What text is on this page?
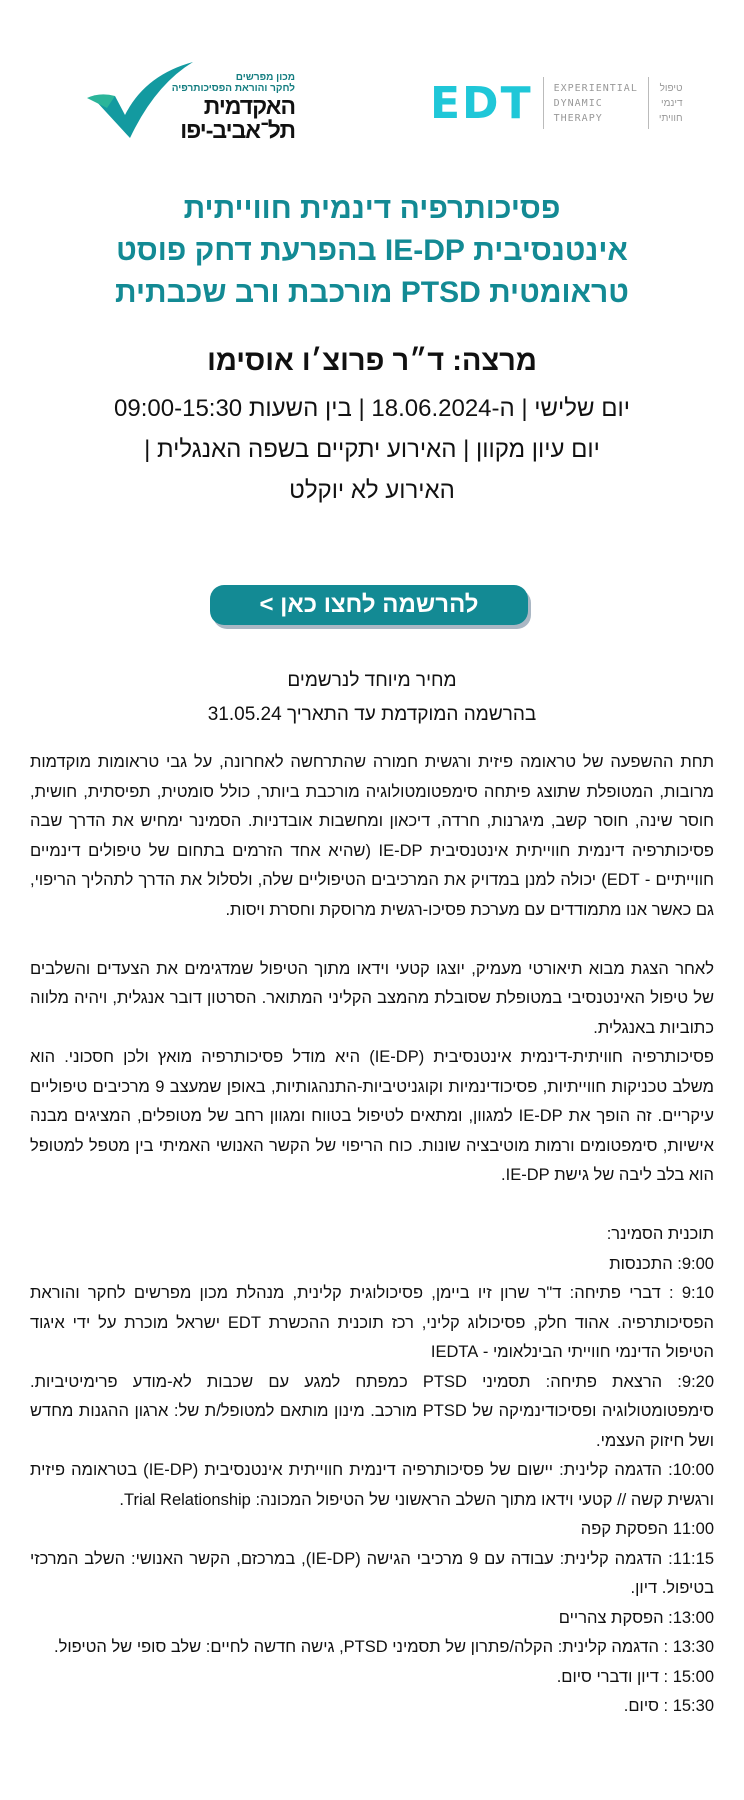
מכון מפרשים
לחקר והוראת הפסיכותרפיה
האקדמית
תל־אביב-יפו
EDT EXPERIENTIAL
DYNAMIC
THERAPY
טיפול
דינמי
חוויתי
פסיכותרפיה דינמית חווייתית
אינטנסיבית IE-DP בהפרעת דחק פוסט
טראומטית PTSD מורכבת ורב שכבתית
מרצה: ד״ר פרוצ׳ו אוסימו
יום שלישי | ה-18.06.2024 | בין השעות 09:00-15:30
יום עיון מקוון | האירוע יתקיים בשפה האנגלית |
האירוע לא יוקלט
להרשמה לחצו כאן >
מחיר מיוחד לנרשמים
בהרשמה המוקדמת עד התאריך 31.05.24

תחת ההשפעה של טראומה פיזית ורגשית חמורה שהתרחשה לאחרונה, על גבי טראומות מוקדמות מרובות, המטופלת שתוצג פיתחה סימפטומטולוגיה מורכבת ביותר, כולל סומטית, תפיסתית, חושית, חוסר שינה, חוסר קשב, מיגרנות, חרדה, דיכאון ומחשבות אובדניות. הסמינר ימחיש את הדרך שבה פסיכותרפיה דינמית חווייתית אינטנסיבית IE-DP (שהיא אחד הזרמים בתחום של טיפולים דינמיים חווייתיים - EDT) יכולה למנן במדויק את המרכיבים הטיפוליים שלה, ולסלול את הדרך לתהליך הריפוי, גם כאשר אנו מתמודדים עם מערכת פסיכו-רגשית מרוסקת וחסרת ויסות.

לאחר הצגת מבוא תיאורטי מעמיק, יוצגו קטעי וידאו מתוך הטיפול שמדגימים את הצעדים והשלבים של טיפול האינטנסיבי במטופלת שסובלת מהמצב הקליני המתואר. הסרטון דובר אנגלית, ויהיה מלווה כתוביות באנגלית.

פסיכותרפיה חוויתית-דינמית אינטנסיבית (IE-DP) היא מודל פסיכותרפיה מואץ ולכן חסכוני. הוא משלב טכניקות חווייתיות, פסיכודינמיות וקוגניטיביות-התנהגותיות, באופן שמעצב 9 מרכיבים טיפוליים עיקריים. זה הופך את IE-DP למגוון, ומתאים לטיפול בטווח ומגוון רחב של מטופלים, המציגים מבנה אישיות, סימפטומים ורמות מוטיבציה שונות. כוח הריפוי של הקשר האנושי האמיתי בין מטפל למטופל הוא בלב ליבה של גישת IE-DP.

תוכנית הסמינר:

9:00: התכנסות

9:10 : דברי פתיחה: ד"ר שרון זיו ביימן, פסיכולוגית קלינית, מנהלת מכון מפרשים לחקר והוראת הפסיכותרפיה. אהוד חלק, פסיכולוג קליני, רכז תוכנית ההכשרת EDT ישראל מוכרת על ידי איגוד הטיפול הדינמי חווייתי הבינלאומי - IEDTA

9:20: הרצאת פתיחה: תסמיני PTSD כמפתח למגע עם שכבות לא-מודע פרימיטיביות. סימפטומטולוגיה ופסיכודינמיקה של PTSD מורכב. מינון מותאם למטופל/ת של: ארגון ההגנות מחדש ושל חיזוק העצמי.

10:00: הדגמה קלינית: יישום של פסיכותרפיה דינמית חווייתית אינטנסיבית (IE-DP) בטראומה פיזית ורגשית קשה // קטעי וידאו מתוך השלב הראשוני של הטיפול המכונה: Trial Relationship.

11:00 הפסקת קפה

11:15: הדגמה קלינית: עבודה עם 9 מרכיבי הגישה (IE-DP), במרכזם, הקשר האנושי: השלב המרכזי בטיפול. דיון.

13:00: הפסקת צהריים

13:30 : הדגמה קלינית: הקלה/פתרון של תסמיני PTSD, גישה חדשה לחיים: שלב סופי של הטיפול.

15:00 : דיון ודברי סיום.

15:30 : סיום.
